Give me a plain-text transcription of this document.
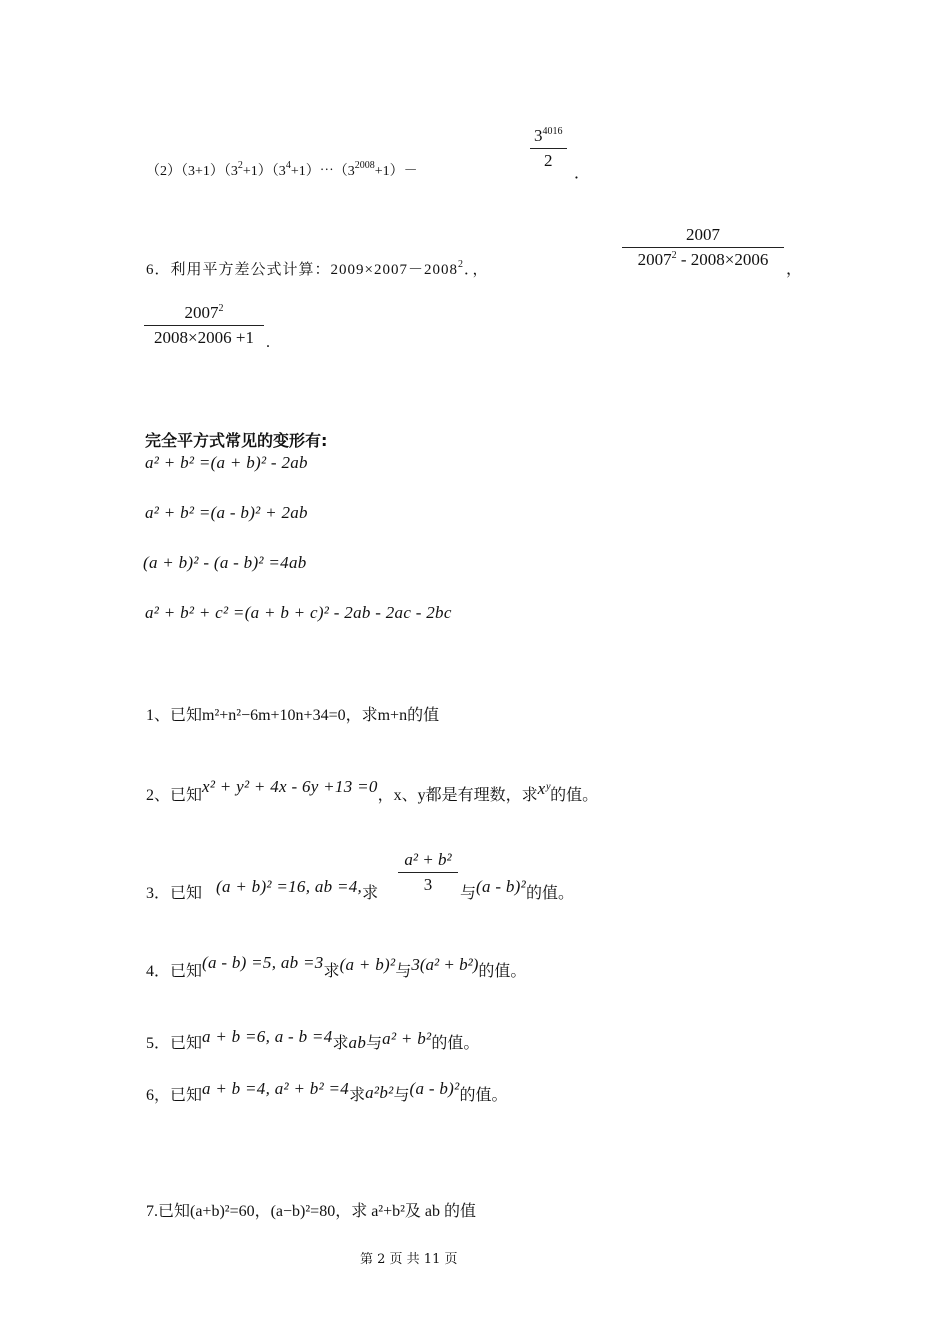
$(2)(3+1)(3^2+1)(3^4+1)\cdots(3^{2008}+1)-$
$3^{4016}$
2
．
6．利用平方差公式计算：$2009\times 2007-2008^2$．，
2007
2007$^2$ - 2008×2006
，
2007$^2$
2008×2006 +1 .
完全平方式常见的变形有:
a² + b² =(a + b)² - 2ab
a² + b² =(a - b)² + 2ab
(a + b)² - (a - b)² =4ab
a² + b² + c² =(a + b + c)² - 2ab - 2ac - 2bc
1、已知m²+n²−6m+10n+34=0，求m+n的值
2、已知x² + y² + 4x - 6y +13 =0，x、y都是有理数，求xʸ的值。
3．已知 (a + b)² =16, ab =4,求
a² + b²
3	与(a - b)²的值。
4．已知(a - b) =5, ab =3求(a + b)²与3(a² + b²)的值。
5．已知a + b =6, a - b =4求ab与a² + b²的值。
6，已知a + b =4, a² + b² =4求a²b²与(a - b)²的值。
7.已知(a+b)²=60，(a−b)²=80，求 a²+b²及 ab 的值
第 2 页 共 11 页
